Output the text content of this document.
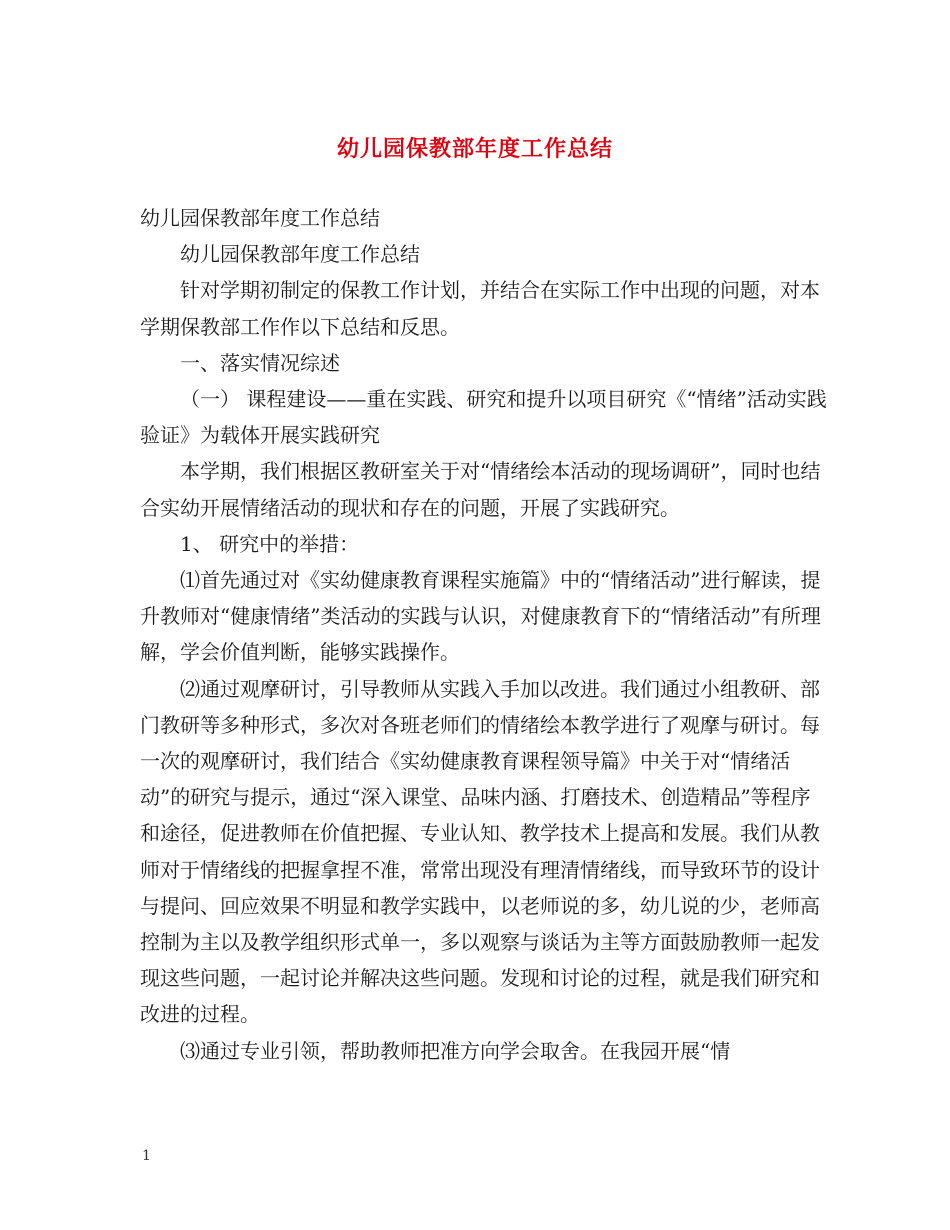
幼儿园保教部年度工作总结

幼儿园保教部年度工作总结

幼儿园保教部年度工作总结

针对学期初制定的保教工作计划，并结合在实际工作中出现的问题，对本学期保教部工作作以下总结和反思。

一、落实情况综述

（一） 课程建设——重在实践、研究和提升以项目研究《“情绪”活动实践验证》为载体开展实践研究

本学期，我们根据区教研室关于对“情绪绘本活动的现场调研”，同时也结合实幼开展情绪活动的现状和存在的问题，开展了实践研究。

1、 研究中的举措：

⑴首先通过对《实幼健康教育课程实施篇》中的“情绪活动”进行解读，提升教师对“健康情绪”类活动的实践与认识，对健康教育下的“情绪活动”有所理解，学会价值判断，能够实践操作。

⑵通过观摩研讨，引导教师从实践入手加以改进。我们通过小组教研、部门教研等多种形式，多次对各班老师们的情绪绘本教学进行了观摩与研讨。每一次的观摩研讨，我们结合《实幼健康教育课程领导篇》中关于对“情绪活动”的研究与提示，通过“深入课堂、品味内涵、打磨技术、创造精品”等程序和途径，促进教师在价值把握、专业认知、教学技术上提高和发展。我们从教师对于情绪线的把握拿捏不准，常常出现没有理清情绪线，而导致环节的设计与提问、回应效果不明显和教学实践中，以老师说的多，幼儿说的少，老师高控制为主以及教学组织形式单一，多以观察与谈话为主等方面鼓励教师一起发现这些问题，一起讨论并解决这些问题。发现和讨论的过程，就是我们研究和改进的过程。

⑶通过专业引领，帮助教师把准方向学会取舍。在我园开展“情

1
